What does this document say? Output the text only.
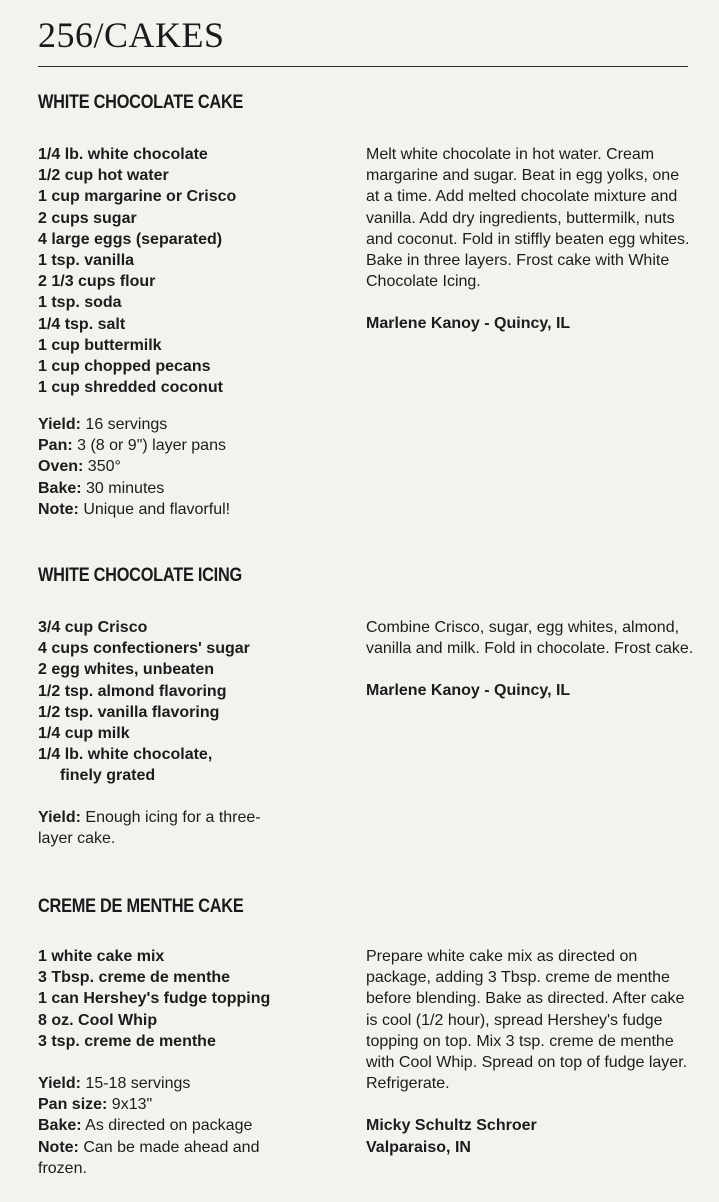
256/CAKES
WHITE CHOCOLATE CAKE
1/4 lb. white chocolate
1/2 cup hot water
1 cup margarine or Crisco
2 cups sugar
4 large eggs (separated)
1 tsp. vanilla
2 1/3 cups flour
1 tsp. soda
1/4 tsp. salt
1 cup buttermilk
1 cup chopped pecans
1 cup shredded coconut

Melt white chocolate in hot water. Cream margarine and sugar. Beat in egg yolks, one at a time. Add melted chocolate mixture and vanilla. Add dry ingredients, buttermilk, nuts and coconut. Fold in stiffly beaten egg whites. Bake in three layers. Frost cake with White Chocolate Icing.

Marlene Kanoy - Quincy, IL
Yield: 16 servings
Pan: 3 (8 or 9") layer pans
Oven: 350°
Bake: 30 minutes
Note: Unique and flavorful!
WHITE CHOCOLATE ICING
3/4 cup Crisco
4 cups confectioners' sugar
2 egg whites, unbeaten
1/2 tsp. almond flavoring
1/2 tsp. vanilla flavoring
1/4 cup milk
1/4 lb. white chocolate,
finely grated

Combine Crisco, sugar, egg whites, almond, vanilla and milk. Fold in chocolate. Frost cake.

Marlene Kanoy - Quincy, IL
Yield: Enough icing for a three-layer cake.
CREME DE MENTHE CAKE
1 white cake mix
3 Tbsp. creme de menthe
1 can Hershey's fudge topping
8 oz. Cool Whip
3 tsp. creme de menthe

Prepare white cake mix as directed on package, adding 3 Tbsp. creme de menthe before blending. Bake as directed. After cake is cool (1/2 hour), spread Hershey's fudge topping on top. Mix 3 tsp. creme de menthe with Cool Whip. Spread on top of fudge layer. Refrigerate.

Micky Schultz Schroer
Valparaiso, IN
Yield: 15-18 servings
Pan size: 9x13"
Bake: As directed on package
Note: Can be made ahead and frozen.
